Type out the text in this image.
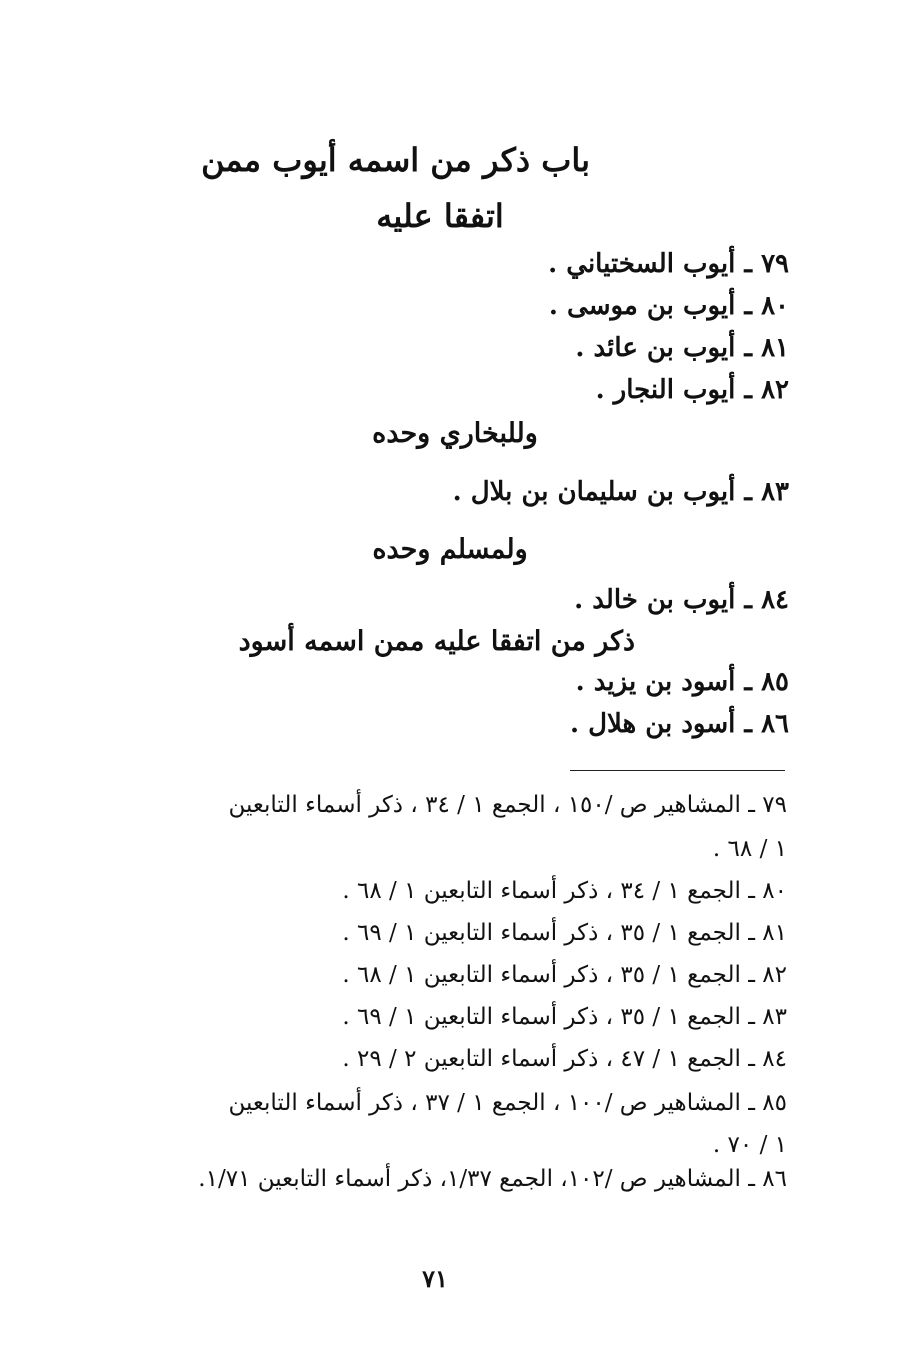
باب ذكر من اسمه أيوب ممن
اتفقا عليه
٧٩ ـ أيوب السختياني .
٨٠ ـ أيوب بن موسى .
٨١ ـ أيوب بن عائد .
٨٢ ـ أيوب النجار .
وللبخاري وحده
٨٣ ـ أيوب بن سليمان بن بلال .
ولمسلم وحده
٨٤ ـ أيوب بن خالد .
ذكر من اتفقا عليه ممن اسمه أسود
٨٥ ـ أسود بن يزيد .
٨٦ ـ أسود بن هلال .
٧٩ ـ المشاهير ص /١٥٠ ، الجمع ١ / ٣٤ ، ذكر أسماء التابعين
١ / ٦٨ .
٨٠ ـ الجمع ١ / ٣٤ ، ذكر أسماء التابعين ١ / ٦٨ .
٨١ ـ الجمع ١ / ٣٥ ، ذكر أسماء التابعين ١ / ٦٩ .
٨٢ ـ الجمع ١ / ٣٥ ، ذكر أسماء التابعين ١ / ٦٨ .
٨٣ ـ الجمع ١ / ٣٥ ، ذكر أسماء التابعين ١ / ٦٩ .
٨٤ ـ الجمع ١ / ٤٧ ، ذكر أسماء التابعين ٢ / ٢٩ .
٨٥ ـ المشاهير ص /١٠٠ ، الجمع ١ / ٣٧ ، ذكر أسماء التابعين
١ / ٧٠ .
٨٦ ـ المشاهير ص /١٠٢، الجمع ١/٣٧، ذكر أسماء التابعين ١/٧١.
٧١
